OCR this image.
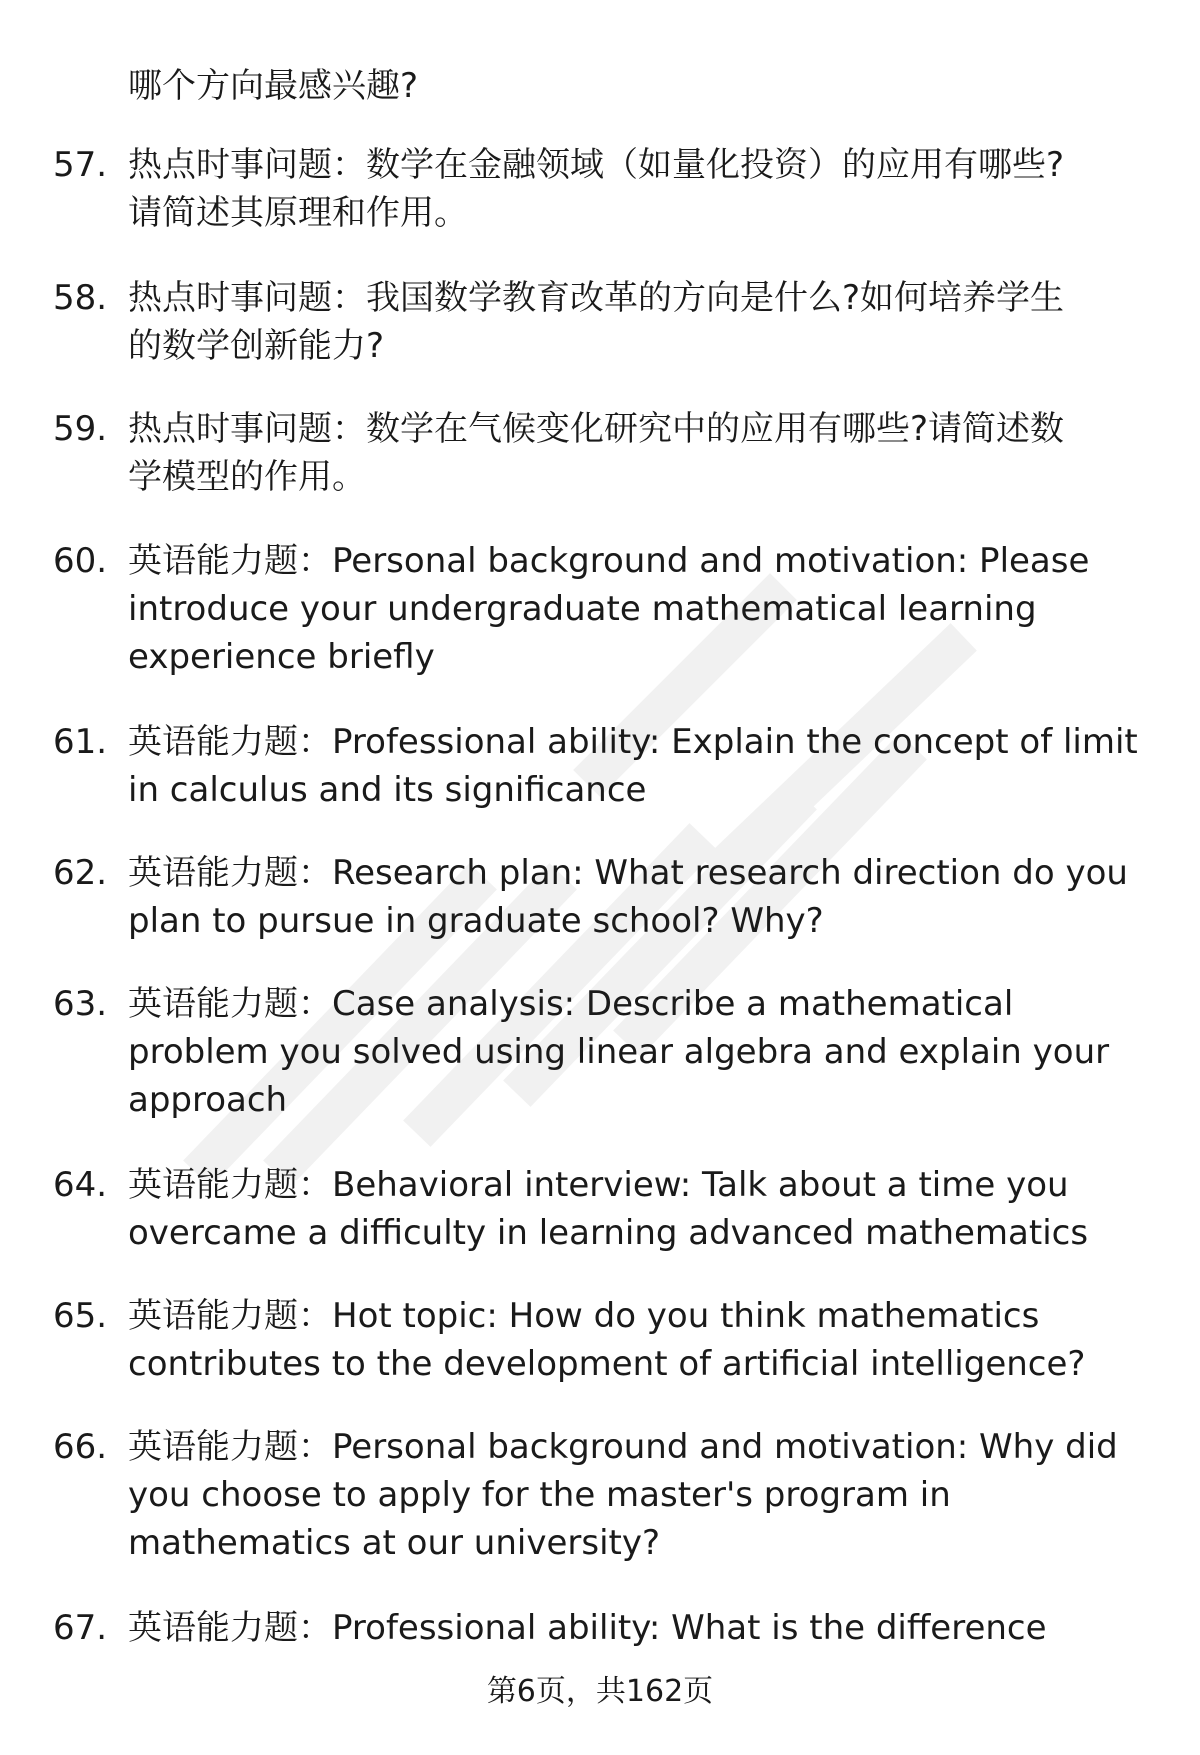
哪个方向最感兴趣?

57. 热点时事问题：数学在金融领域（如量化投资）的应用有哪些?
请简述其原理和作用。

58. 热点时事问题：我国数学教育改革的方向是什么?如何培养学生
的数学创新能力?

59. 热点时事问题：数学在气候变化研究中的应用有哪些?请简述数
学模型的作用。

60. 英语能力题：Personal background and motivation: Please
introduce your undergraduate mathematical learning
experience briefly

61. 英语能力题：Professional ability: Explain the concept of limit
in calculus and its significance

62. 英语能力题：Research plan: What research direction do you
plan to pursue in graduate school? Why?

63. 英语能力题：Case analysis: Describe a mathematical
problem you solved using linear algebra and explain your
approach

64. 英语能力题：Behavioral interview: Talk about a time you
overcame a difficulty in learning advanced mathematics

65. 英语能力题：Hot topic: How do you think mathematics
contributes to the development of artificial intelligence?

66. 英语能力题：Personal background and motivation: Why did
you choose to apply for the master's program in
mathematics at our university?

67. 英语能力题：Professional ability: What is the difference

第6页，共162页
